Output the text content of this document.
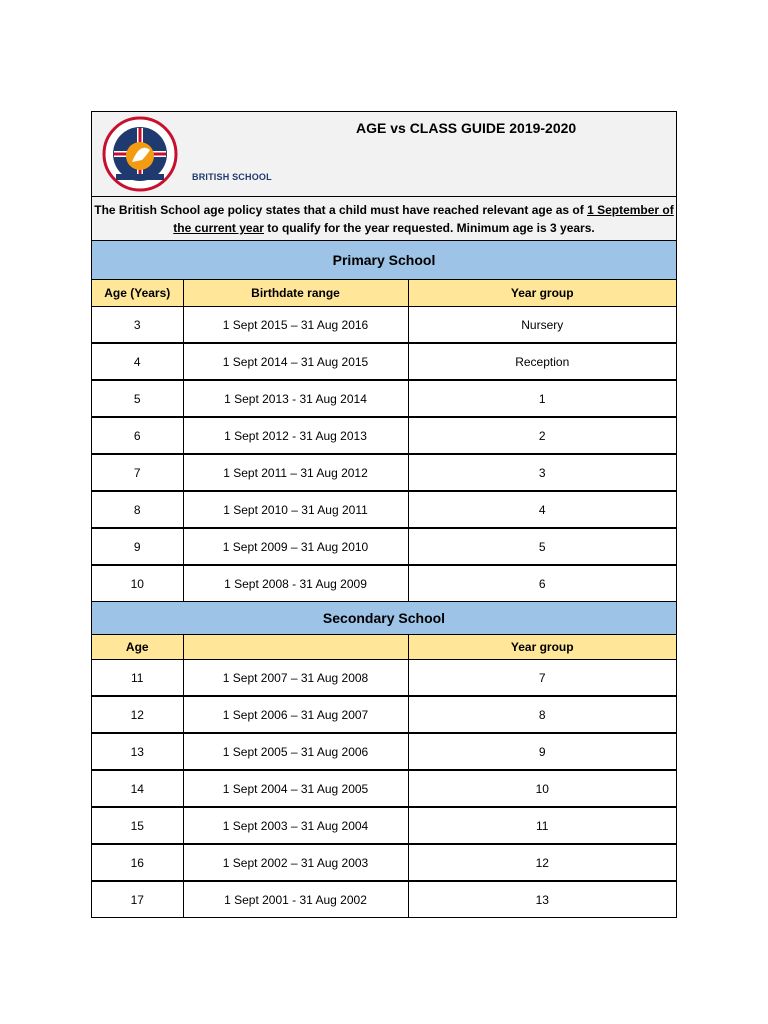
BRITISH SCHOOL
AGE vs CLASS GUIDE 2019-2020
The British School age policy states that a child must have reached relevant age as of 1 September of the current year to qualify for the year requested. Minimum age is 3 years.
Primary School
Age (Years)	Birthdate range	Year group
3	1 Sept 2015 – 31 Aug 2016	Nursery
4	1 Sept 2014 – 31 Aug 2015	Reception
5	1 Sept 2013 - 31 Aug 2014	1
6	1 Sept 2012 - 31 Aug 2013	2
7	1 Sept 2011 – 31 Aug 2012	3
8	1 Sept 2010 – 31 Aug 2011	4
9	1 Sept 2009 – 31 Aug 2010	5
10	1 Sept 2008 - 31 Aug 2009	6
Secondary School
Age		Year group
11	1 Sept 2007 – 31 Aug 2008	7
12	1 Sept 2006 – 31 Aug 2007	8
13	1 Sept 2005 – 31 Aug 2006	9
14	1 Sept 2004 – 31 Aug 2005	10
15	1 Sept 2003 – 31 Aug 2004	11
16	1 Sept 2002 – 31 Aug 2003	12
17	1 Sept 2001 - 31 Aug 2002	13
